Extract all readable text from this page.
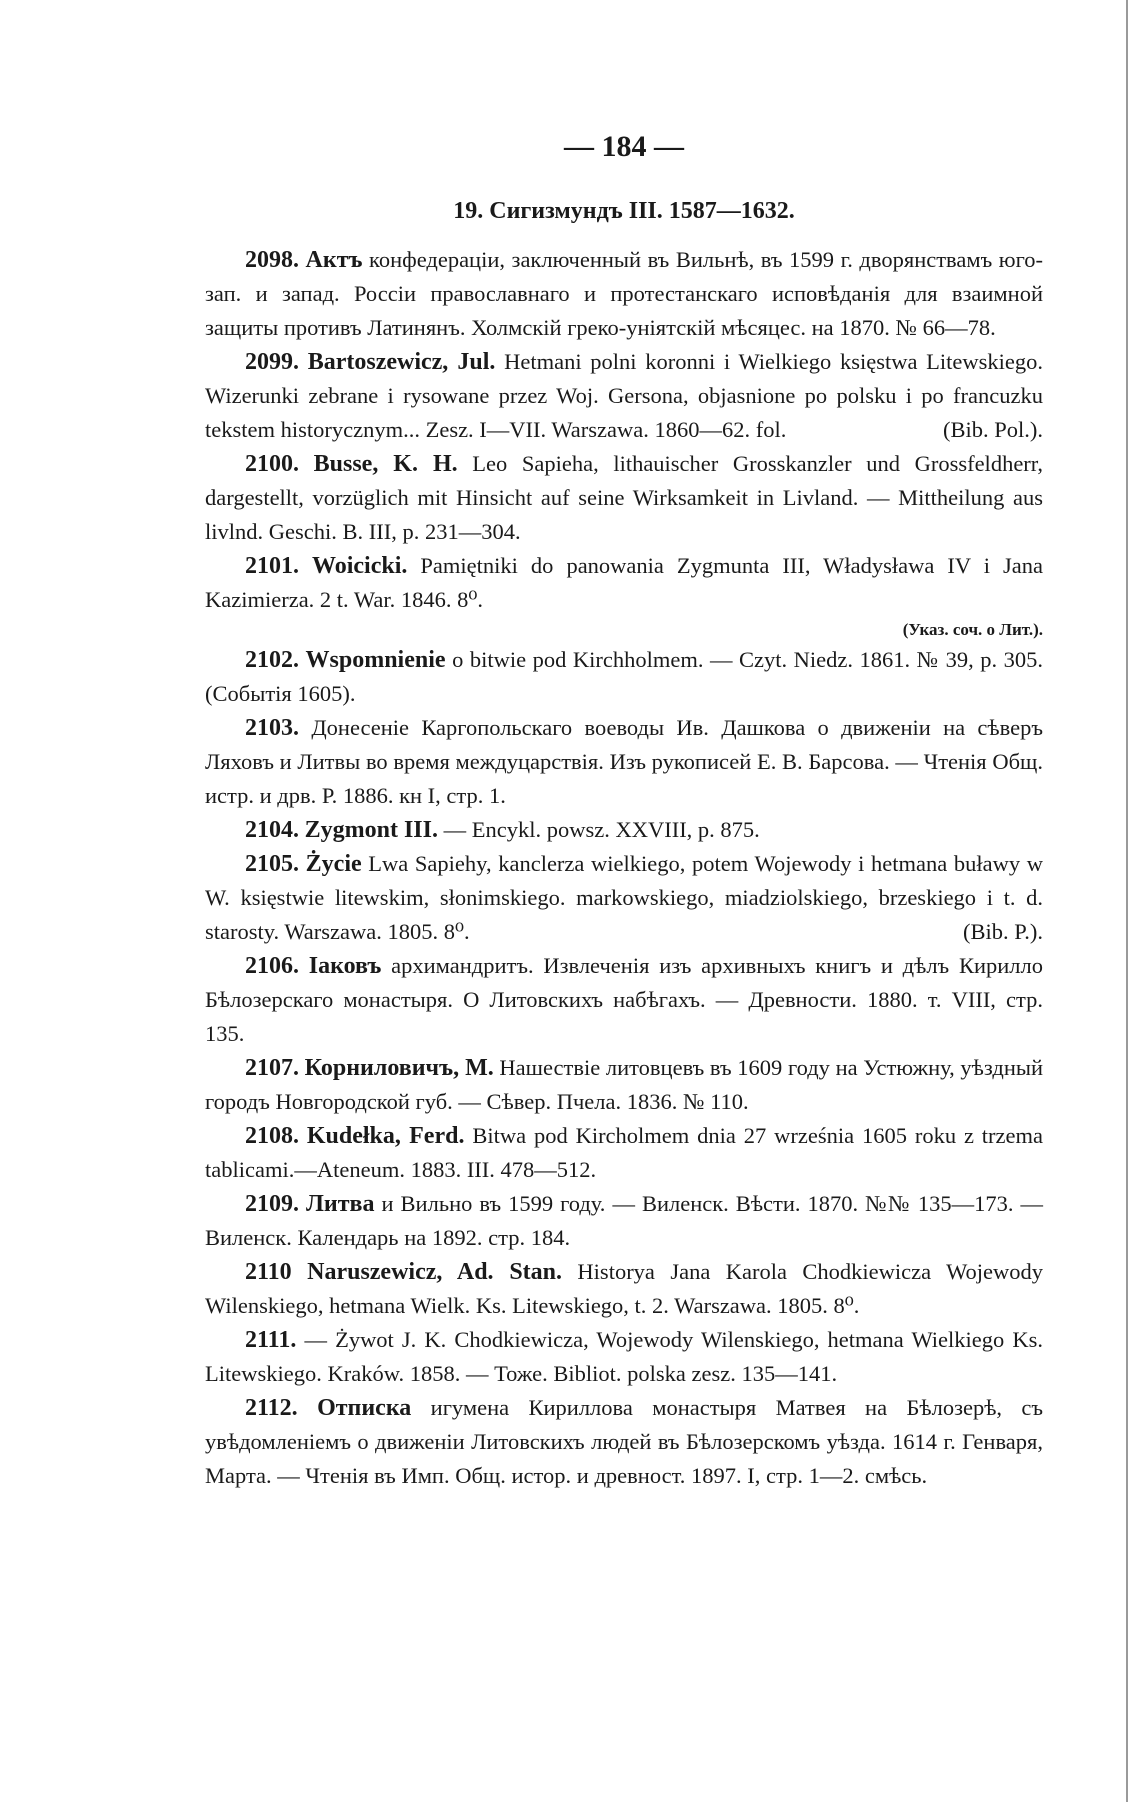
— 184 —
19. Сигизмундъ III. 1587—1632.

2098. Актъ конфедераціи, заключенный въ Вильнѣ, въ 1599 г. дворянствамъ юго-зап. и запад. Россіи православнаго и протестанскаго исповѣданія для взаимной защиты противъ Латинянъ. Холмскій греко-уніятскій мѣсяцес. на 1870. № 66—78.

2099. Bartoszewicz, Jul. Hetmani polni koronni i Wielkiego księstwa Litewskiego. Wizerunki zebrane i rysowane przez Woj. Gersona, objasnione po polsku i po francuzku tekstem historycznym... Zesz. I—VII. Warszawa. 1860—62. fol.	(Bib. Pol.).

2100. Busse, K. H. Leo Sapieha, lithauischer Grosskanzler und Grossfeldherr, dargestellt, vorzüglich mit Hinsicht auf seine Wirksamkeit in Livland. — Mittheilung aus livlnd. Geschi. B. III, p. 231—304.

2101. Woicicki. Pamiętniki do panowania Zygmunta III, Władysława IV i Jana Kazimierza. 2 t. War. 1846. 8⁰.

(Указ. соч. о Лит.).

2102. Wspomnienie o bitwie pod Kirchholmem. — Czyt. Niedz. 1861. № 39, p. 305. (Событія 1605).

2103. Донесеніе Каргопольскаго воеводы Ив. Дашкова о движеніи на сѣверъ Ляховъ и Литвы во время междуцарствія. Изъ рукописей Е. В. Барсова. — Чтенія Общ. истр. и дрв. Р. 1886. кн I, стр. 1.

2104. Zygmont III. — Encykl. powsz. XXVIII, p. 875.

2105. Życie Lwa Sapiehy, kanclerza wielkiego, potem Wojewody i hetmana buławy w W. księstwie litewskim, słonimskiego. markowskiego, miadziolskiego, brzeskiego i t. d. starosty. Warszawa. 1805. 8⁰.	(Bib. P.).

2106. Іаковъ архимандритъ. Извлеченія изъ архивныхъ книгъ и дѣлъ Кирилло Бѣлозерскаго монастыря. О Литовскихъ набѣгахъ. — Древности. 1880. т. VIII, стр. 135.

2107. Корниловичъ, М. Нашествіе литовцевъ въ 1609 году на Устюжну, уѣздный городъ Новгородской губ. — Сѣвер. Пчела. 1836. № 110.

2108. Kudełka, Ferd. Bitwa pod Kircholmem dnia 27 września 1605 roku z trzema tablicami.—Ateneum. 1883. III. 478—512.

2109. Литва и Вильно въ 1599 году. — Виленск. Вѣсти. 1870. №№ 135—173. — Виленск. Календарь на 1892. стр. 184.

2110 Naruszewicz, Ad. Stan. Historya Jana Karola Chodkiewicza Wojewody Wilenskiego, hetmana Wielk. Ks. Litewskiego, t. 2. Warszawa. 1805. 8⁰.

2111. — Żywot J. K. Chodkiewicza, Wojewody Wilenskiego, hetmana Wielkiego Ks. Litewskiego. Kraków. 1858. — Тоже. Bibliot. polska zesz. 135—141.

2112. Отписка игумена Кириллова монастыря Матвея на Бѣлозерѣ, съ увѣдомленіемъ о движеніи Литовскихъ людей въ Бѣлозерскомъ уѣзда. 1614 г. Генваря, Марта. — Чтенія въ Имп. Общ. истор. и древност. 1897. I, стр. 1—2. смѣсь.
